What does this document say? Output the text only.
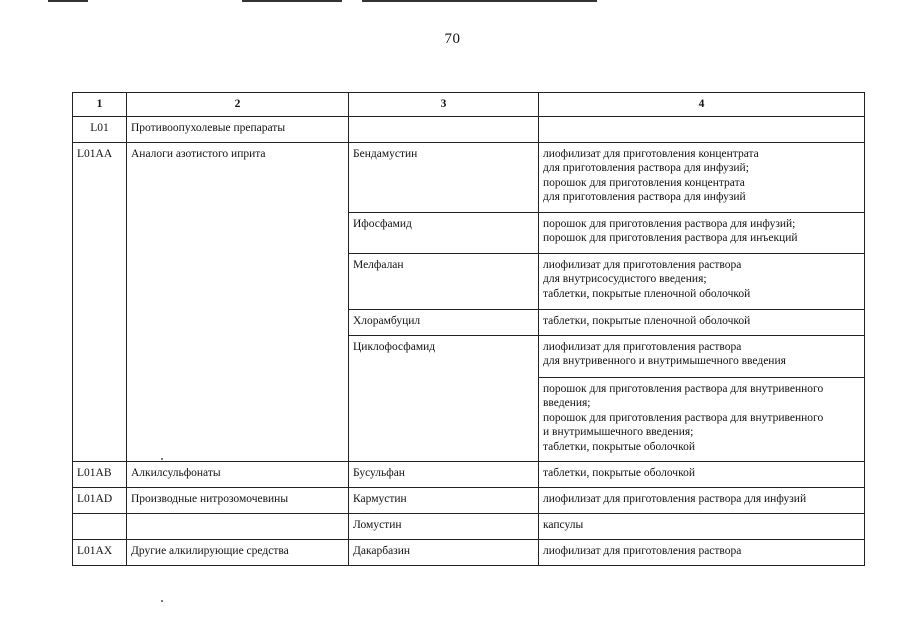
70
1	2	3	4
L01	Противоопухолевые препараты		
L01AA	Аналоги азотистого иприта	Бендамустин	лиофилизат для приготовления концентрата
для приготовления раствора для инфузий;
порошок для приготовления концентрата
для приготовления раствора для инфузий
		Ифосфамид	порошок для приготовления раствора для инфузий;
порошок для приготовления раствора для инъекций
		Мелфалан	лиофилизат для приготовления раствора
для внутрисосудистого введения;
таблетки, покрытые пленочной оболочкой
		Хлорамбуцил	таблетки, покрытые пленочной оболочкой
		Циклофосфамид	лиофилизат для приготовления раствора
для внутривенного и внутримышечного введения
			порошок для приготовления раствора для внутривенного
введения;
порошок для приготовления раствора для внутривенного
и внутримышечного введения;
таблетки, покрытые оболочкой
L01AB	Алкилсульфонаты	Бусульфан	таблетки, покрытые оболочкой
L01AD	Производные нитрозомочевины	Кармустин	лиофилизат для приготовления раствора для инфузий
		Ломустин	капсулы
L01AX	Другие алкилирующие средства	Дакарбазин	лиофилизат для приготовления раствора
